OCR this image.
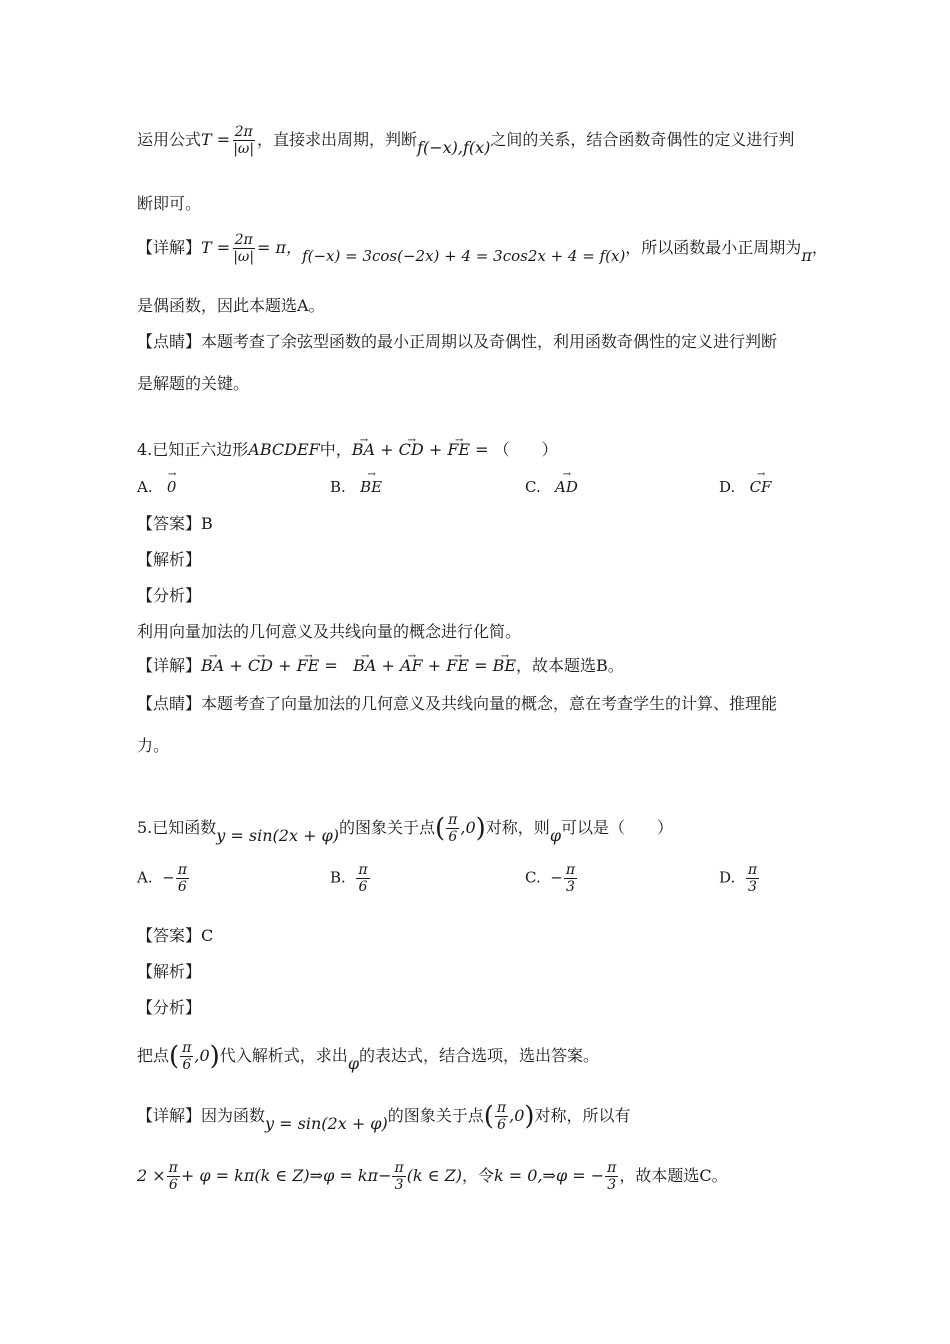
运用公式$T = \frac{2\pi}{|\omega|}$ ，直接求出周期，判断f(−x),f(x)之间的关系，结合函数奇偶性的定义进行判
断即可。
【详解】$T = \frac{2\pi}{|\omega|} = \pi$，f(−x) = 3cos(−2x) + 4 = 3cos2x + 4 = f(x)，所以函数最小正周期为π，
是偶函数，因此本题选A。
【点睛】本题考查了余弦型函数的最小正周期以及奇偶性，利用函数奇偶性的定义进行判断
是解题的关键。
4.已知正六边形ABCDEF中，→ BA + → CD + → FE = （　　）
A. → 0	B. → BE	C. → AD	D. → CF
【答案】B
【解析】
【分析】
利用向量加法的几何意义及共线向量的概念进行化简。
【详解】→ BA + → CD + → FE =   → BA + → AF + → FE = → BE，故本题选B。
【点睛】本题考查了向量加法的几何意义及共线向量的概念，意在考查学生的计算、推理能
力。
5.已知函数y = sin(2x + φ)的图象关于点( $\frac{\pi}{6} ,0$)对称，则φ可以是（　　）
A. − $\frac{\pi}{6}$	B. $\frac{\pi}{6}$	C. − $\frac{\pi}{3}$	D. $\frac{\pi}{3}$
【答案】C
【解析】
【分析】
把点( $\frac{\pi}{6} ,0$)代入解析式，求出φ的表达式，结合选项，选出答案。
【详解】因为函数y = sin(2x + φ)的图象关于点( $\frac{\pi}{6} ,0$)对称，所以有
$2 \times \frac{\pi}{6} + \varphi = k\pi(k$ ∈ Z)⇒φ = $k\pi- \frac{\pi}{3} (k$ ∈ Z)，令k = 0,⇒φ = − $\frac{\pi}{3}$ ，故本题选C。
